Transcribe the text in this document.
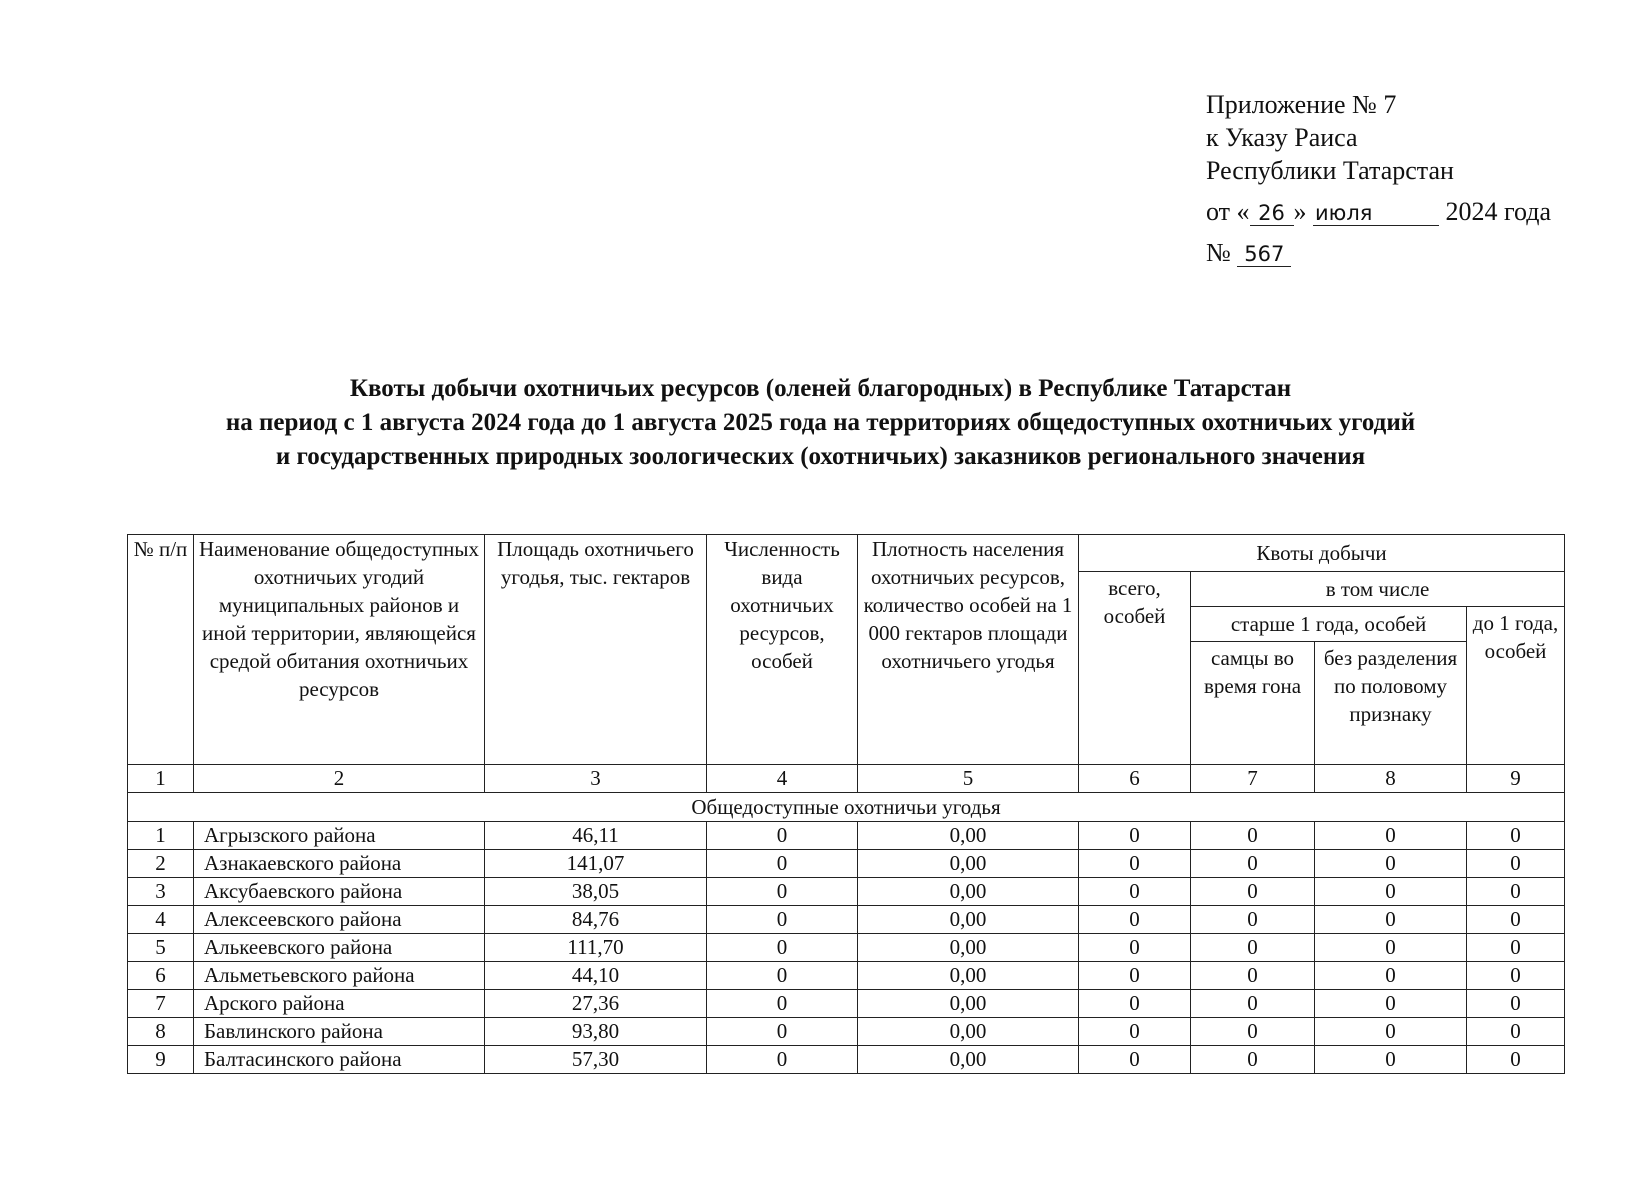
Приложение № 7
к Указу Раиса
Республики Татарстан
от « 26 » июля	2024 года
№ 567
Квоты добычи охотничьих ресурсов (оленей благородных) в Республике Татарстан
на период с 1 августа 2024 года до 1 августа 2025 года на территориях общедоступных охотничьих угодий
и государственных природных зоологических (охотничьих) заказников регионального значения
№ п/п	Наименование общедоступных охотничьих угодий муниципальных районов и иной территории, являющейся средой обитания охотничьих ресурсов	Площадь охотничьего угодья, тыс. гектаров	Численность вида охотничьих ресурсов, особей	Плотность населения охотничьих ресурсов, количество особей на 1 000 гектаров площади охотничьего угодья	Квоты добычи			
					всего, особей	в том числе		
						старше 1 года, особей		до 1 года, особей
						самцы во время гона	без разделения по половому признаку	
1	2	3	4	5	6	7	8	9
Общедоступные охотничьи угодья								
1	Агрызского района	46,11	0	0,00	0	0	0	0
2	Азнакаевского района	141,07	0	0,00	0	0	0	0
3	Аксубаевского района	38,05	0	0,00	0	0	0	0
4	Алексеевского района	84,76	0	0,00	0	0	0	0
5	Алькеевского района	111,70	0	0,00	0	0	0	0
6	Альметьевского района	44,10	0	0,00	0	0	0	0
7	Арского района	27,36	0	0,00	0	0	0	0
8	Бавлинского района	93,80	0	0,00	0	0	0	0
9	Балтасинского района	57,30	0	0,00	0	0	0	0
